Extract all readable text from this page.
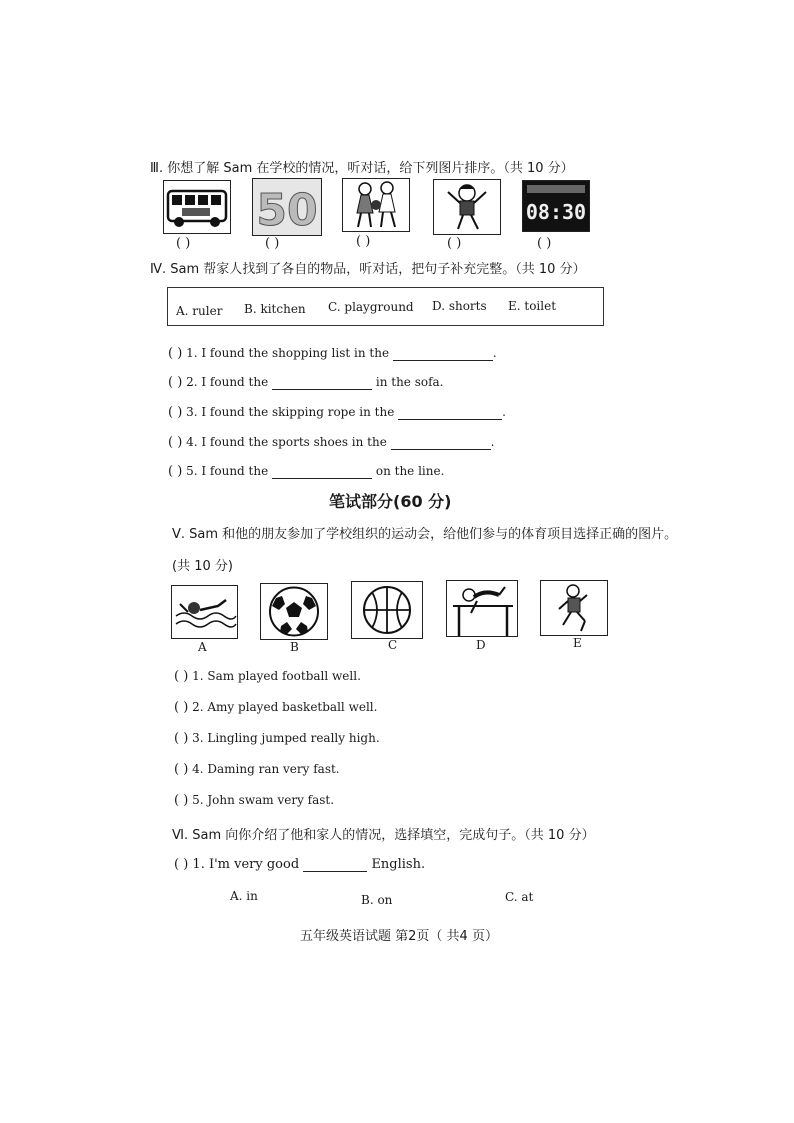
Ⅲ. 你想了解 Sam 在学校的情况，听对话，给下列图片排序。（共 10 分）
50	08:30
( )	( )	( )	( )	( )
Ⅳ. Sam 帮家人找到了各自的物品，听对话，把句子补充完整。（共 10 分）
A. ruler B. kitchen C. playground D. shorts E. toilet
( ) 1. I found the shopping list in the	.
( ) 2. I found the	in the sofa.
( ) 3. I found the skipping rope in the	.
( ) 4. I found the sports shoes in the	.
( ) 5. I found the	on the line.
笔试部分(60 分)
Ⅴ. Sam 和他的朋友参加了学校组织的运动会，给他们参与的体育项目选择正确的图片。
(共 10 分)
A	B	C	D	E
( ) 1. Sam played football well.
( ) 2. Amy played basketball well.
( ) 3. Lingling jumped really high.
( ) 4. Daming ran very fast.
( ) 5. John swam very fast.
Ⅵ. Sam 向你介绍了他和家人的情况，选择填空，完成句子。（共 10 分）
( ) 1. I'm very good	English.
A. in	B. on	C. at
五年级英语试题 第2页（ 共4 页）
